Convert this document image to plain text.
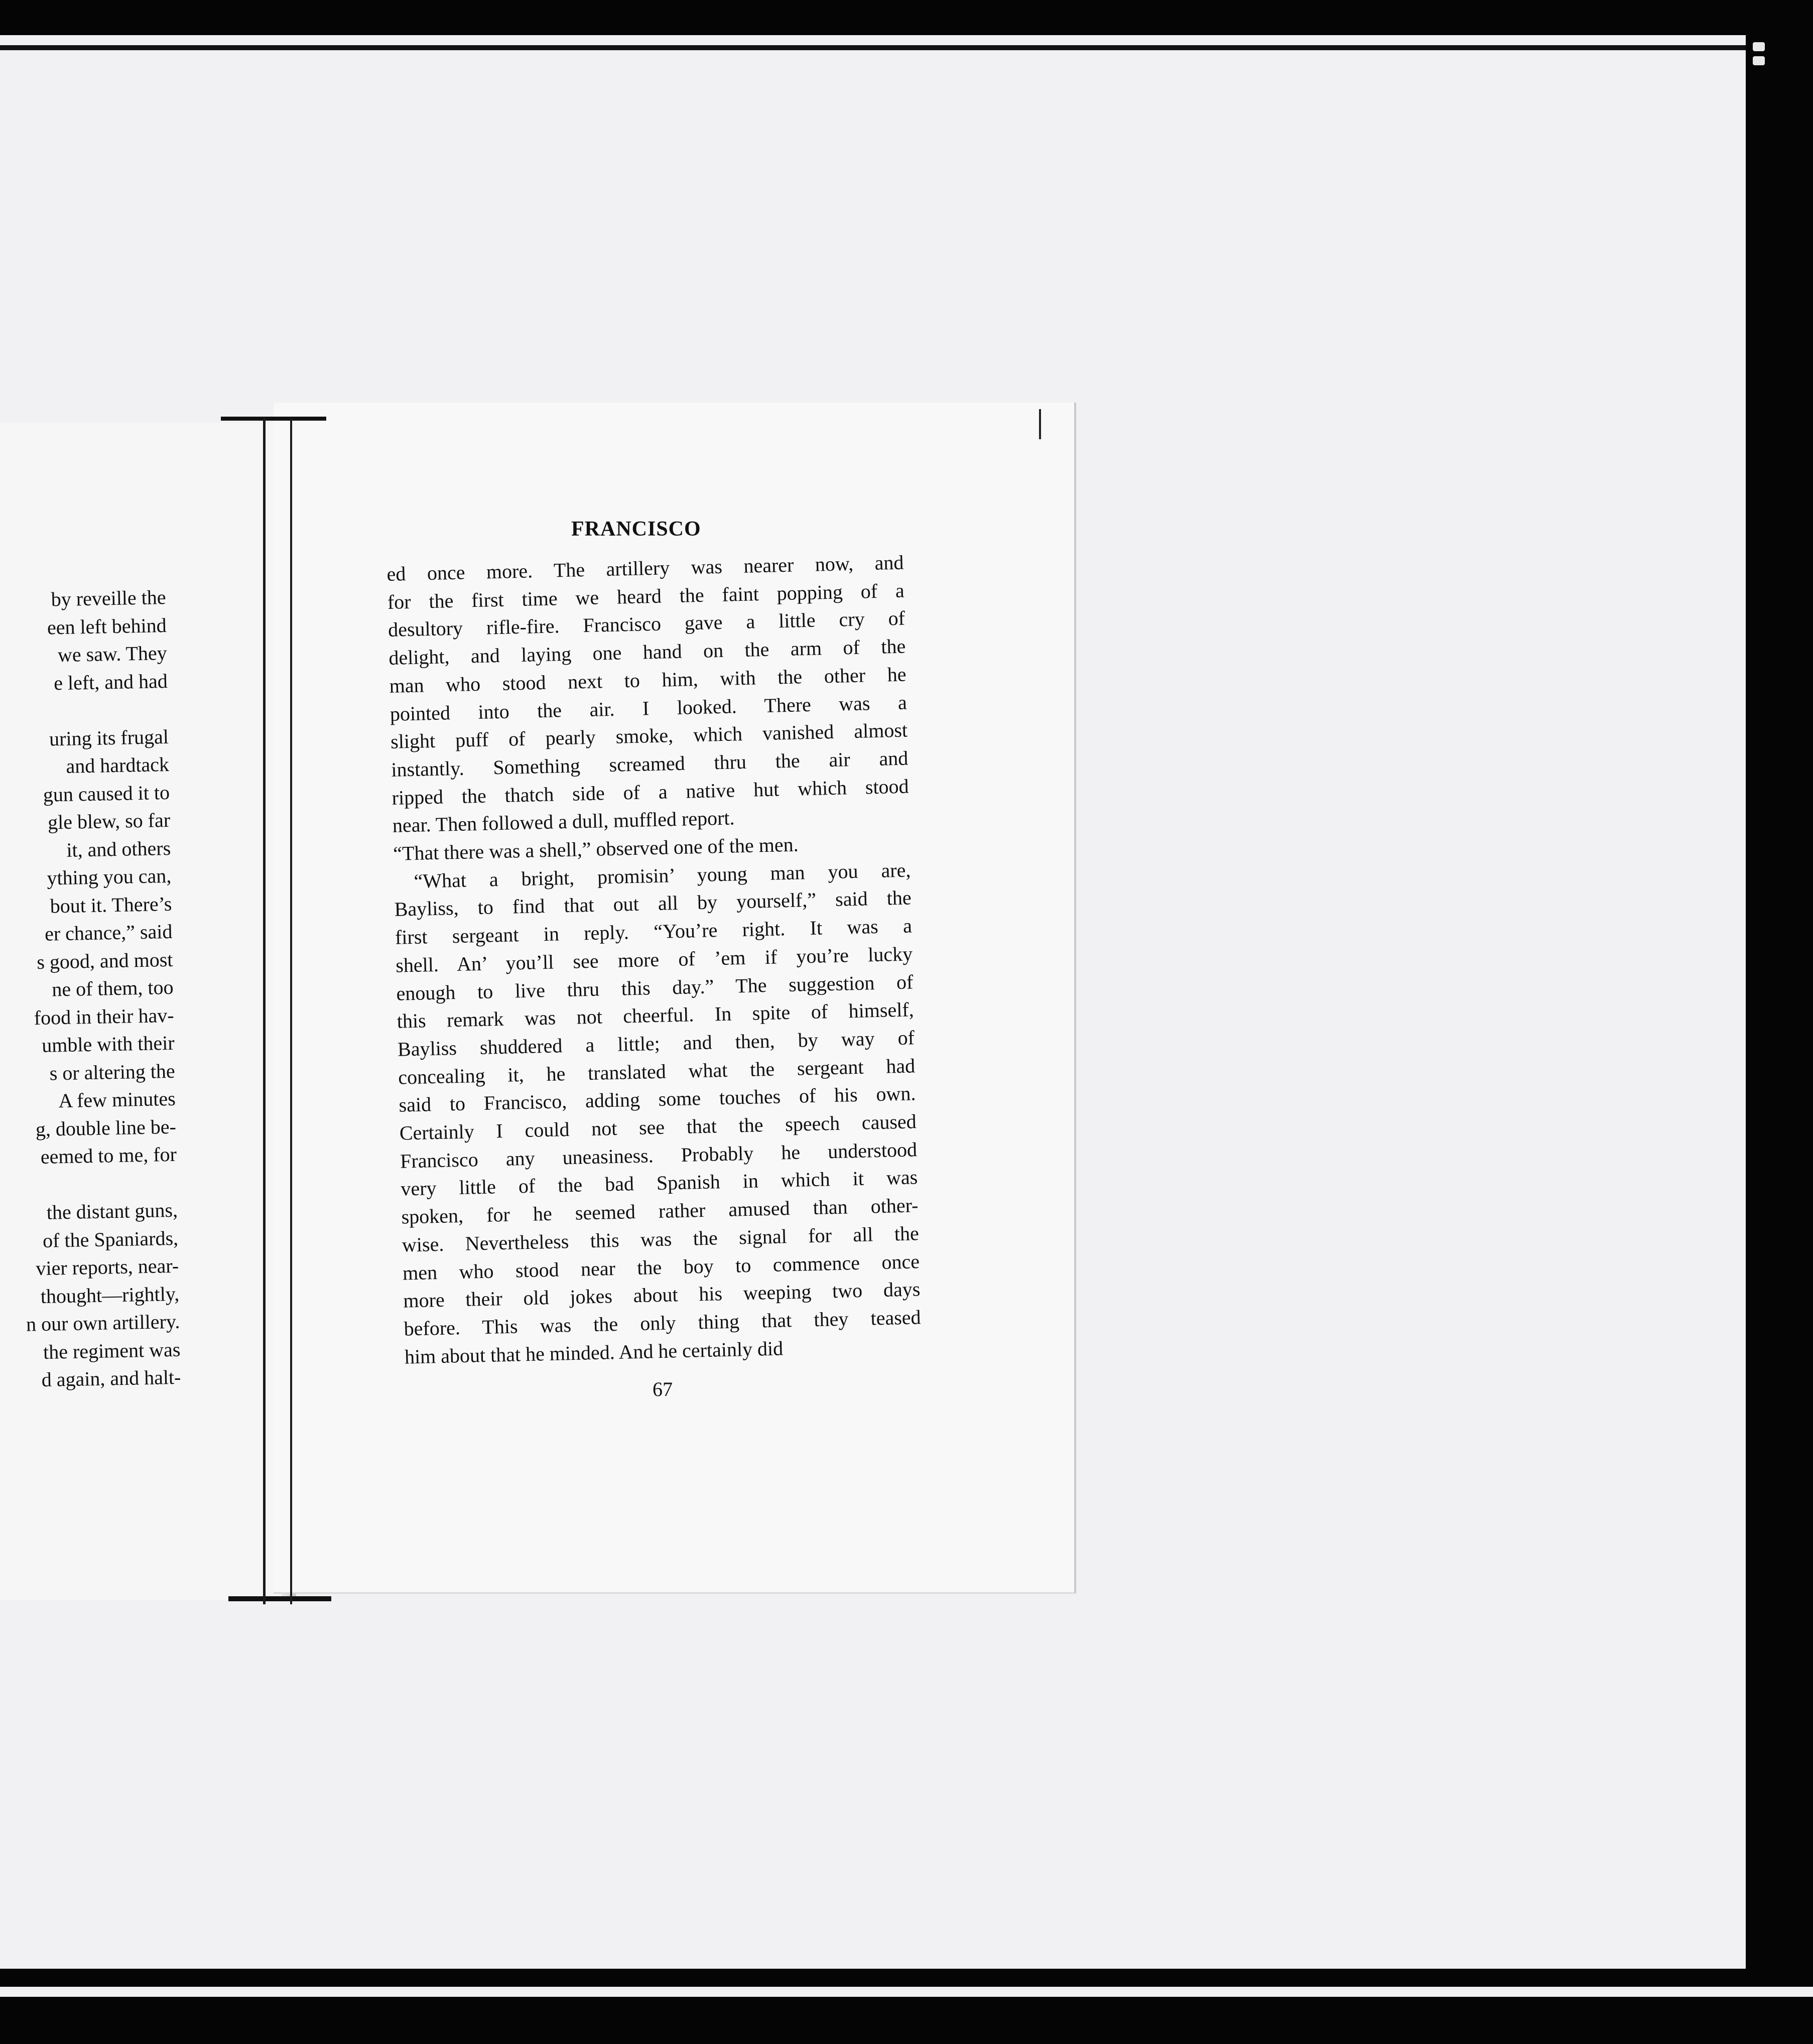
by reveille the
een left behind
we saw. They
e left, and had
uring its frugal
and hardtack
gun caused it to
gle blew, so far
it, and others
ything you can,
bout it. There’s
er chance,” said
s good, and most
ne of them, too
food in their hav-
umble with their
s or altering the
A few minutes
g, double line be-
eemed to me, for
the distant guns,
of the Spaniards,
vier reports, near-
thought—rightly,
n our own artillery.
the regiment was
d again, and halt-
FRANCISCO
ed once more. The artillery was nearer now, and
for the first time we heard the faint popping of a
desultory rifle-fire. Francisco gave a little cry of
delight, and laying one hand on the arm of the
man who stood next to him, with the other he
pointed into the air. I looked. There was a
slight puff of pearly smoke, which vanished almost
instantly. Something screamed thru the air and
ripped the thatch side of a native hut which stood
near. Then followed a dull, muffled report.
“That there was a shell,” observed one of the men.
“What a bright, promisin’ young man you are,
Bayliss, to find that out all by yourself,” said the
first sergeant in reply. “You’re right. It was a
shell. An’ you’ll see more of ’em if you’re lucky
enough to live thru this day.” The suggestion of
this remark was not cheerful. In spite of himself,
Bayliss shuddered a little; and then, by way of
concealing it, he translated what the sergeant had
said to Francisco, adding some touches of his own.
Certainly I could not see that the speech caused
Francisco any uneasiness. Probably he understood
very little of the bad Spanish in which it was
spoken, for he seemed rather amused than other-
wise. Nevertheless this was the signal for all the
men who stood near the boy to commence once
more their old jokes about his weeping two days
before. This was the only thing that they teased
him about that he minded. And he certainly did
67
